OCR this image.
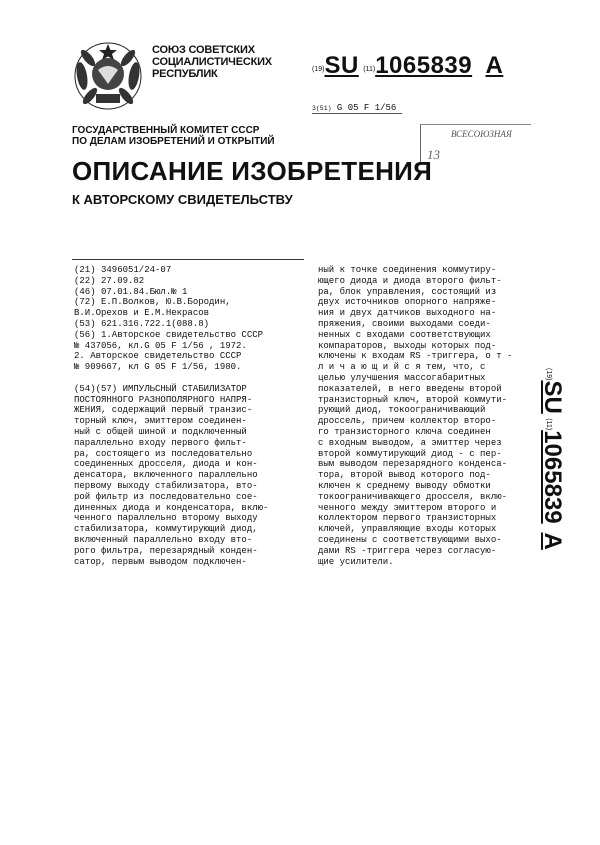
СОЮЗ СОВЕТСКИХ
СОЦИАЛИСТИЧЕСКИХ
РЕСПУБЛИК	(19)SU (11)1065839 A
3(51) G 05 F 1/56
ГОСУДАРСТВЕННЫЙ КОМИТЕТ СССР
ПО ДЕЛАМ ИЗОБРЕТЕНИЙ И ОТКРЫТИЙ
ВСЕСОЮЗНАЯ
13
ОПИСАНИЕ ИЗОБРЕТЕНИЯ
К АВТОРСКОМУ СВИДЕТЕЛЬСТВУ
(21) 3496051/24-07
(22) 27.09.82
(46) 07.01.84.Бюл.№ 1
(72) Е.П.Волков, Ю.В.Бородин,
В.И.Орехов и Е.М.Некрасов
(53) 621.316.722.1(088.8)
(56) 1.Авторское свидетельство СССР
№ 437056, кл.G 05 F 1/56 , 1972.
2. Авторское свидетельство СССР
№ 909667, кл G 05 F 1/56, 1980.
(54)(57) ИМПУЛЬСНЫЙ СТАБИЛИЗАТОР
ПОСТОЯННОГО РАЗНОПОЛЯРНОГО НАПРЯ-
ЖЕНИЯ, содержащий первый транзис-
торный ключ, эмиттером соединен-
ный с общей шиной и подключенный
параллельно входу первого фильт-
ра, состоящего из последовательно
соединенных дросселя, диода и кон-
денсатора, включенного параллельно
первому выходу стабилизатора, вто-
рой фильтр из последовательно сое-
диненных диода и конденсатора, вклю-
ченного параллельно второму выходу
стабилизатора, коммутирующий диод,
включенный параллельно входу вто-
рого фильтра, перезарядный конден-
сатор, первым выводом подключен-
ный к точке соединения коммутиру-
ющего диода и диода второго фильт-
ра, блок управления, состоящий из
двух источников опорного напряже-
ния и двух датчиков выходного на-
пряжения, своими выходами соеди-
ненных с входами соответствующих
компараторов, выходы которых под-
ключены к входам RS -триггера, о т -
л и ч а ю щ и й с я тем, что, с
целью улучшения массогабаритных
показателей, в него введены второй
транзисторный ключ, второй коммути-
рующий диод, токоограничивающий
дроссель, причем коллектор второ-
го транзисторного ключа соединен
с входным выводом, а эмиттер через
второй коммутирующий диод - с пер-
вым выводом перезарядного конденса-
тора, второй вывод которого под-
ключен к среднему выводу обмотки
токоограничивающего дросселя, вклю-
ченного между эмиттером второго и
коллектором первого транзисторных
ключей, управляющие входы которых
соединены с соответствующими выхо-
дами RS -триггера через согласую-
щие усилители.
(19)SU (11)1065839  A
